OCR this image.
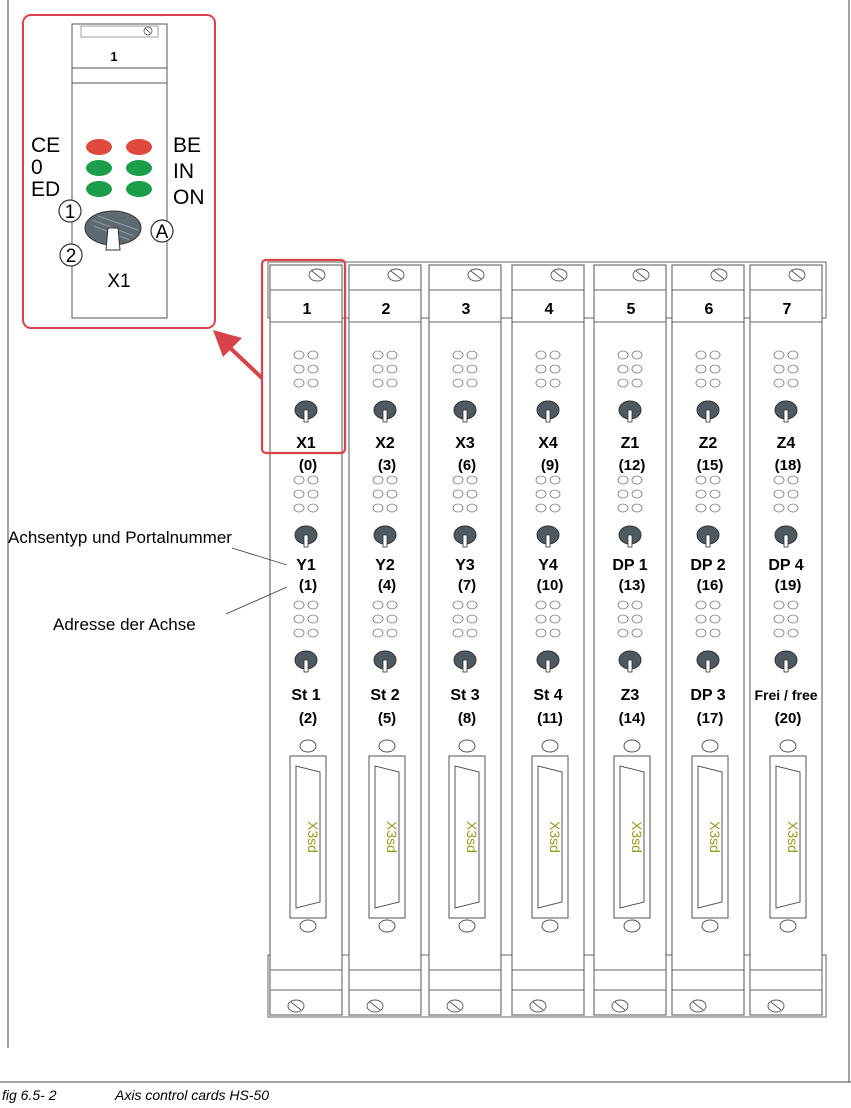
1
X1
(0)
Y1
(1)
St 1
(2)
X3sd
2
X2
(3)
Y2
(4)
St 2
(5)
X3sd
3
X3
(6)
Y3
(7)
St 3
(8)
X3sd
4
X4
(9)
Y4
(10)
St 4
(11)
X3sd
5
Z1
(12)
DP 1
(13)
Z3
(14)
X3sd
6
Z2
(15)
DP 2
(16)
DP 3
(17)
X3sd
7
Z4
(18)
DP 4
(19)
Frei / free
(20)
X3sd
1
CE
0
ED
BE
IN
ON
1
2
A
X1
Achsentyp und Portalnummer
Adresse der Achse
fig 6.5- 2	Axis control cards HS-50
